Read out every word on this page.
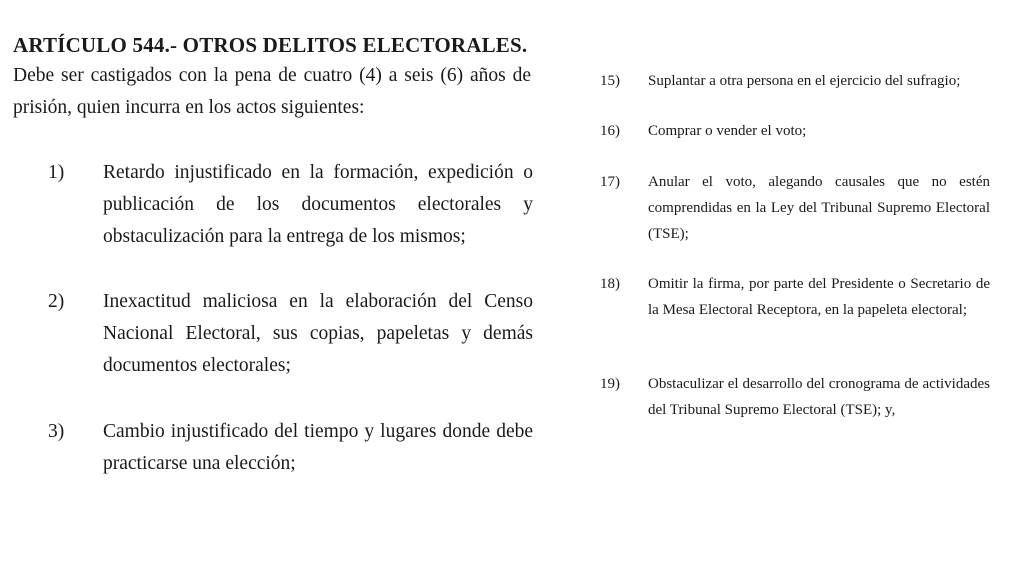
ARTÍCULO 544.- OTROS DELITOS ELECTORALES.

Debe ser castigados con la pena de cuatro (4) a seis (6) años de prisión, quien incurra en los actos siguientes:

1)	Retardo injustificado en la formación, expedición o publicación de los documentos electorales y obstaculización para la entrega de los mismos;
2)	Inexactitud maliciosa en la elaboración del Censo Nacional Electoral, sus copias, papeletas y demás documentos electorales;
3)	Cambio injustificado del tiempo y lugares donde debe practicarse una elección;
15)	Suplantar a otra persona en el ejercicio del sufragio;
16)	Comprar o vender el voto;
17)	Anular el voto, alegando causales que no estén comprendidas en la Ley del Tribunal Supremo Electoral (TSE);
18)	Omitir la firma, por parte del Presidente o Secretario de la Mesa Electoral Receptora, en la papeleta electoral;
19)	Obstaculizar el desarrollo del cronograma de actividades del Tribunal Supremo Electoral (TSE); y,
